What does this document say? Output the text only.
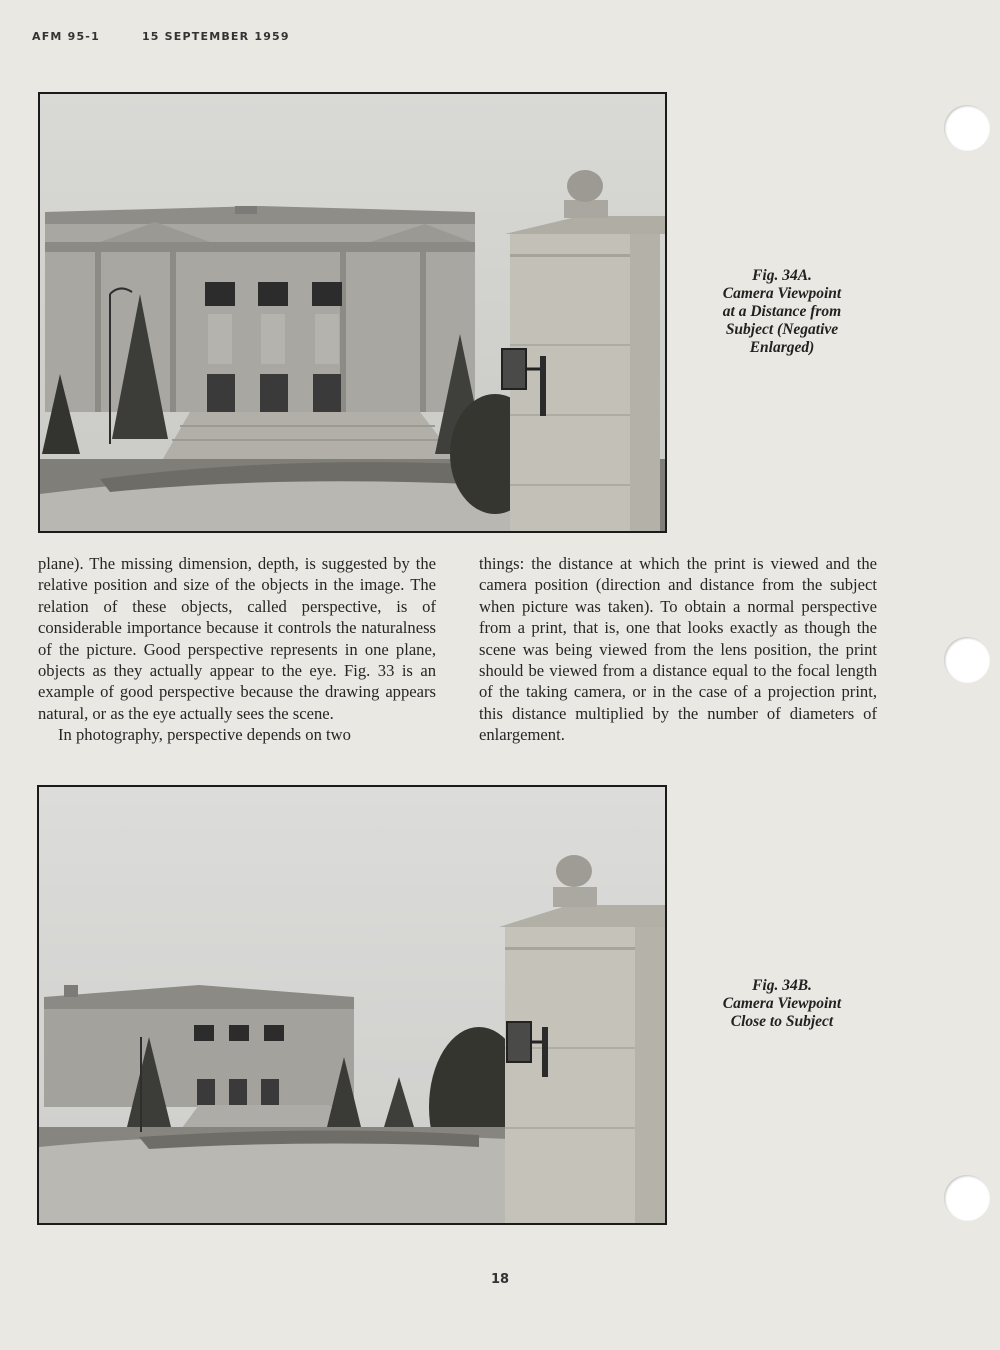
AFM 95-1	15 SEPTEMBER 1959
Fig. 34A.
Camera Viewpoint
at a Distance from
Subject (Negative
Enlarged)

plane). The missing dimension, depth, is suggested by the relative position and size of the objects in the image. The relation of these objects, called perspective, is of considerable importance because it controls the naturalness of the picture. Good perspective represents in one plane, objects as they actually appear to the eye. Fig. 33 is an example of good perspective because the drawing appears natural, or as the eye actually sees the scene.

In photography, perspective depends on two

things: the distance at which the print is viewed and the camera position (direction and distance from the subject when picture was taken). To obtain a normal perspective from a print, that is, one that looks exactly as though the scene was being viewed from the lens position, the print should be viewed from a distance equal to the focal length of the taking camera, or in the case of a projection print, this distance multiplied by the number of diameters of enlargement.

Fig. 34B.
Camera Viewpoint
Close to Subject
18
